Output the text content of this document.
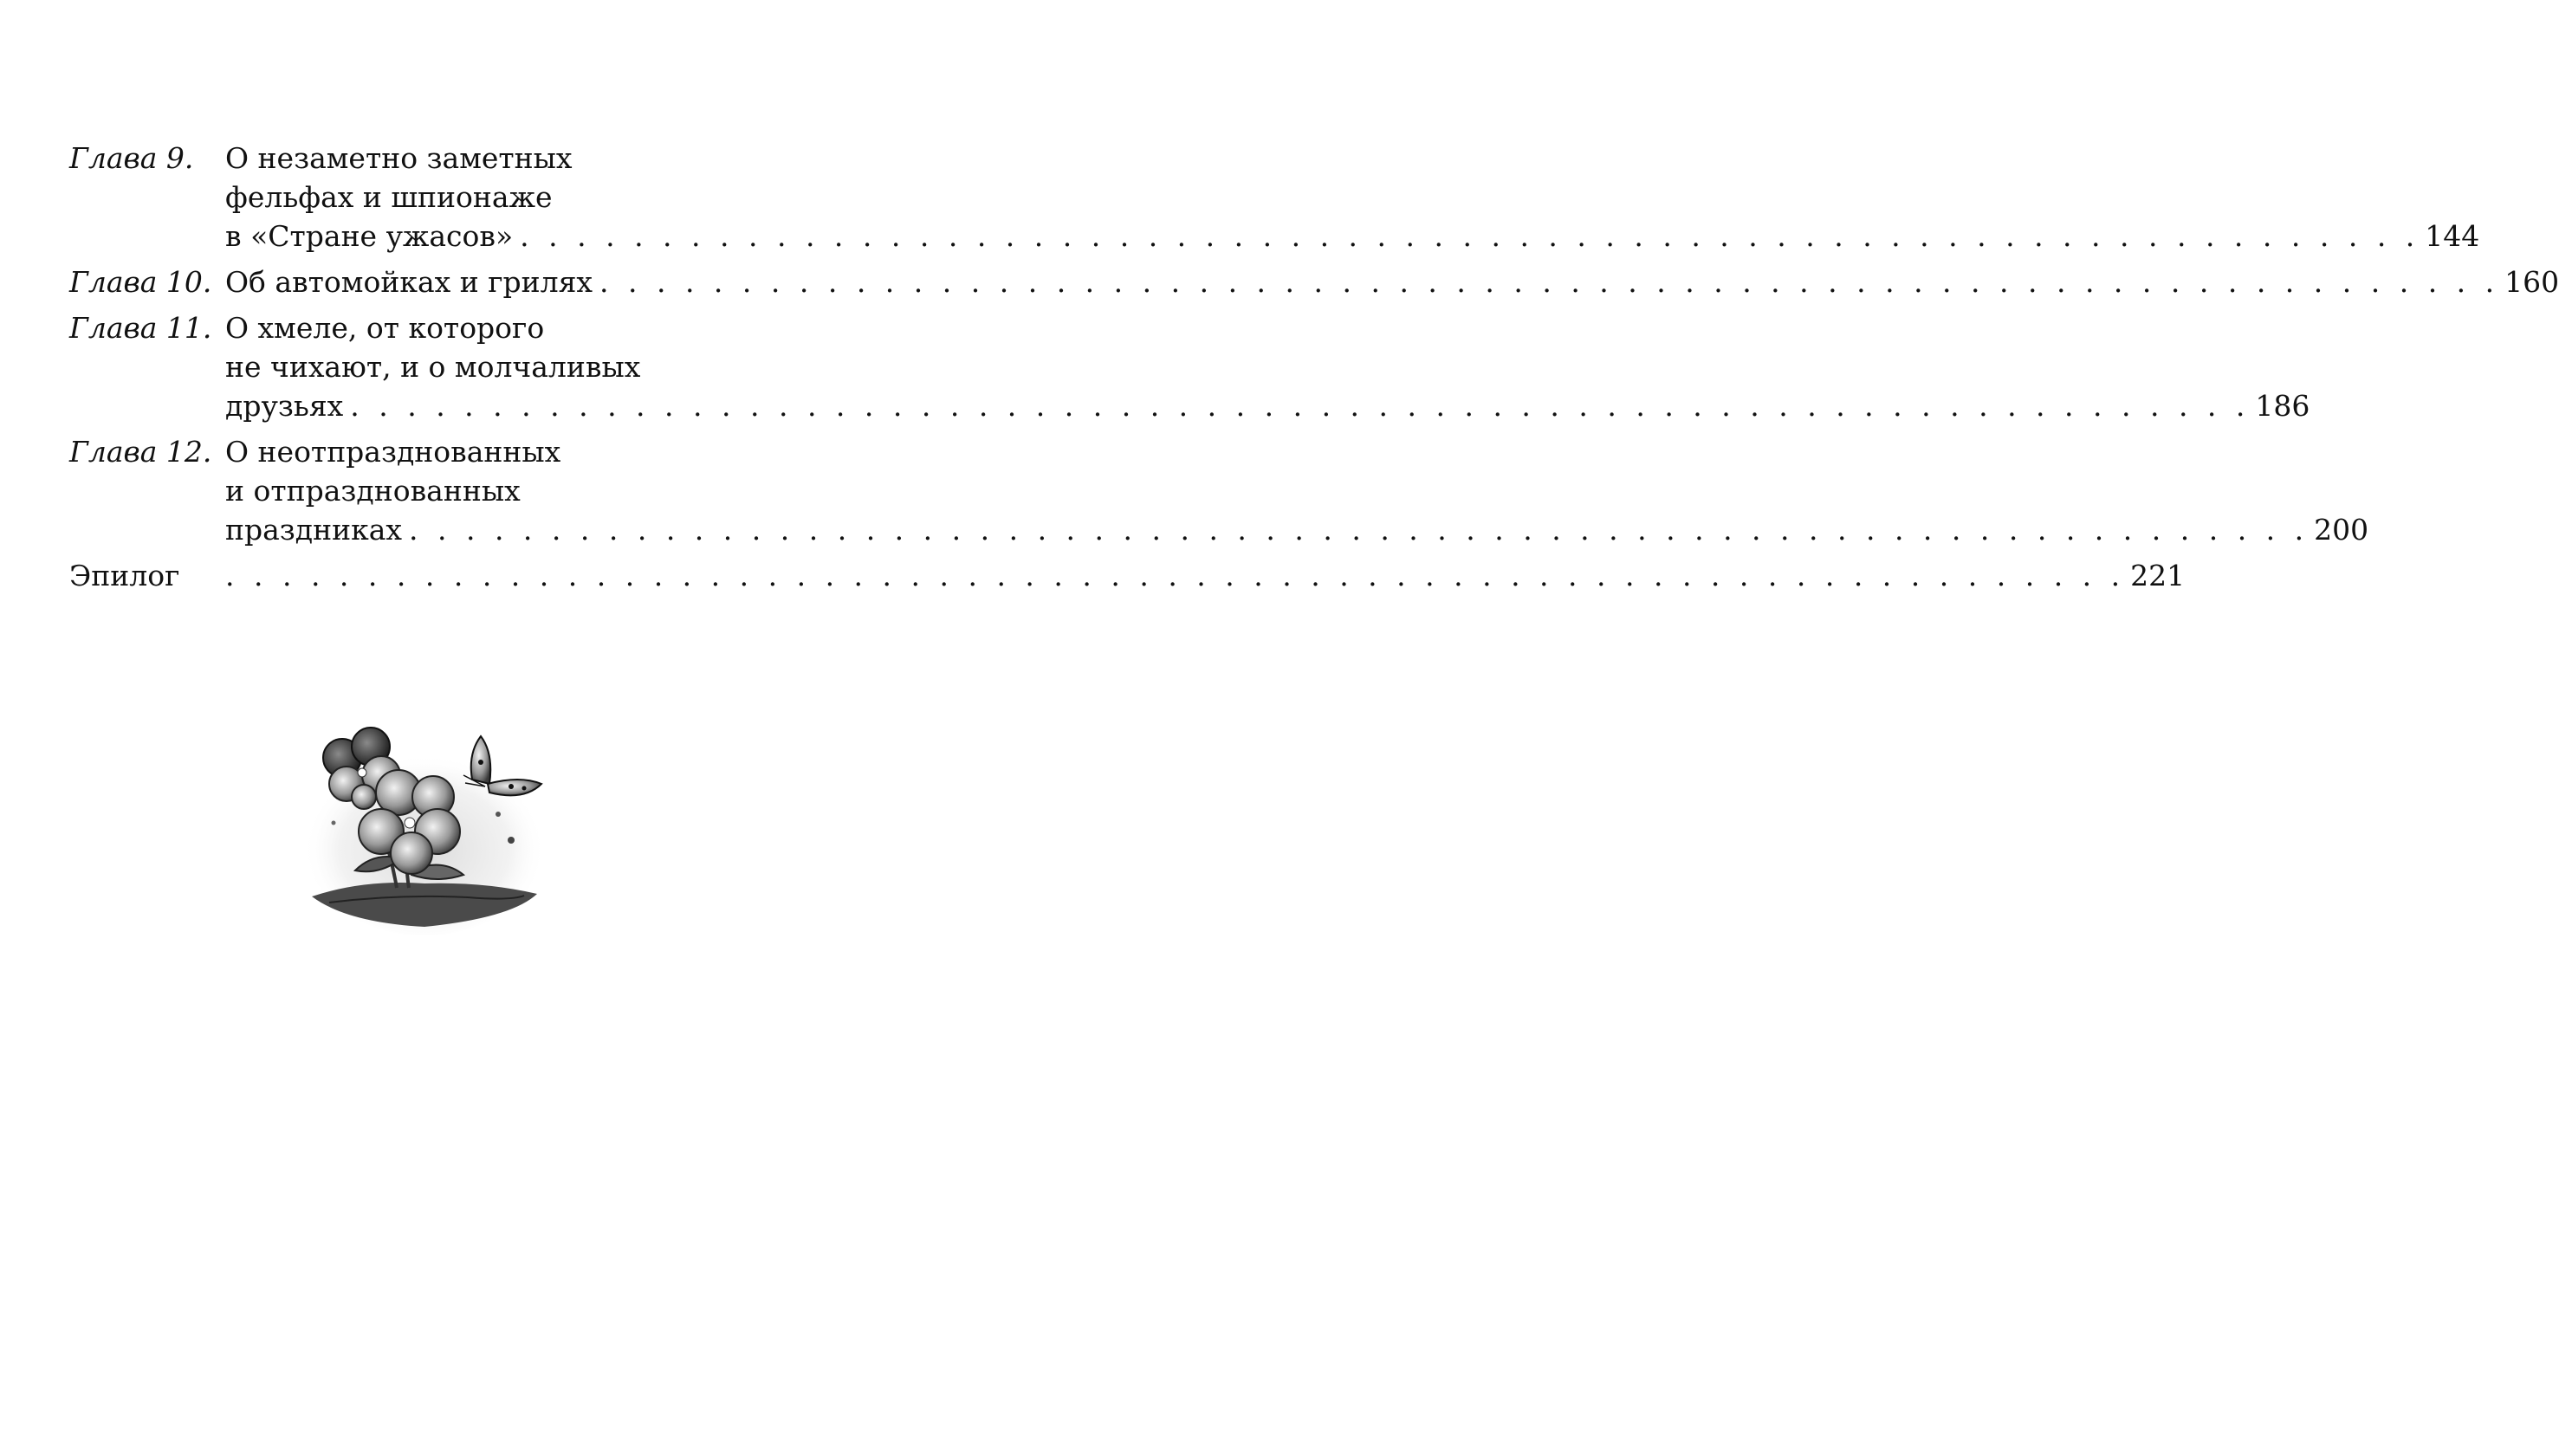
Глава 9.	О незаметно заметных
фельфах и шпионаже
в «Стране ужасов» . . .	144
Глава 10. Об автомойках и грилях . . .	160
Глава 11. О хмеле, от которого
не чихают, и о молчаливых
друзьях . . .	186
Глава 12. О неотпразднованных
и отпразднованных
праздниках . . .	200
Эпилог . . .	221
